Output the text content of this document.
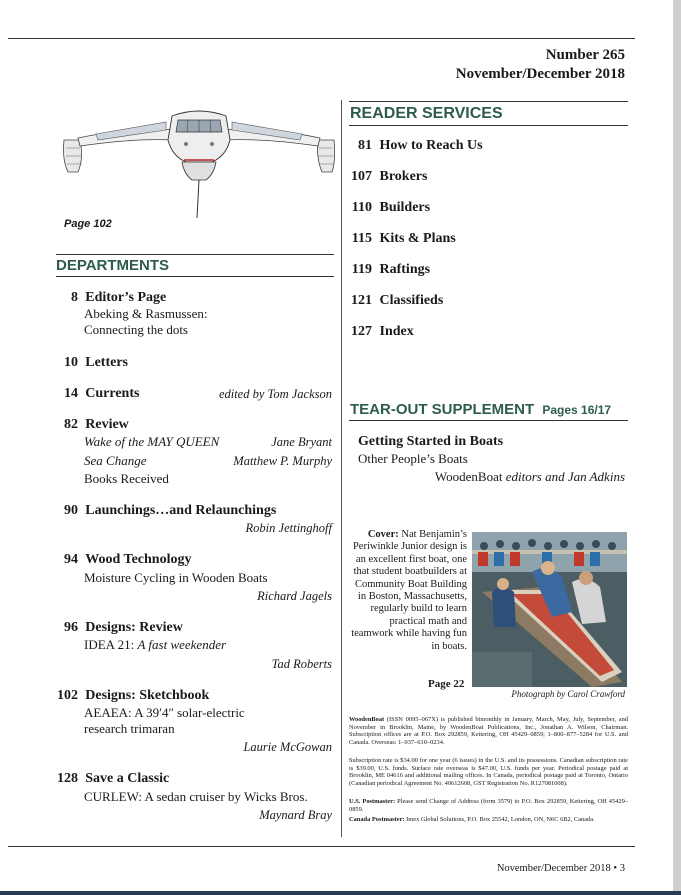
Number 265
November/December 2018
Page 102
DEPARTMENTS
8 Editor’s Page
Abeking & Rasmussen:
Connecting the dots
10 Letters
14 Currents	edited by Tom Jackson
82 Review
Wake of the MAY QUEEN	Jane Bryant
Sea Change	Matthew P. Murphy
Books Received
90 Launchings…and Relaunchings
Robin Jettinghoff
94 Wood Technology
Moisture Cycling in Wooden Boats
Richard Jagels
96 Designs: Review
IDEA 21: A fast weekender
Tad Roberts
102 Designs: Sketchbook
AEAEA: A 39′4″ solar-electric
research trimaran
Laurie McGowan
128 Save a Classic
CURLEW: A sedan cruiser by Wicks Bros.
Maynard Bray
READER SERVICES
81 How to Reach Us
107 Brokers
110 Builders
115 Kits & Plans
119 Raftings
121 Classifieds
127 Index
TEAR-OUT SUPPLEMENT Pages 16/17
Getting Started in Boats
Other People’s Boats
WoodenBoat editors and Jan Adkins
Cover: Nat Benjamin’s Periwinkle Junior design is an excellent first boat, one that student boatbuilders at Community Boat Building in Boston, Massachusetts, regularly build to learn practical math and teamwork while having fun in boats.
Page 22
Photograph by Carol Crawford
WoodenBoat (ISSN 0095–067X) is published bimonthly in January, March, May, July, September, and November in Brooklin, Maine, by WoodenBoat Publications, Inc., Jonathan A. Wilson, Chairman. Subscription offices are at P.O. Box 292859, Kettering, OH 45429–0859; 1–800–877–5284 for U.S. and Canada. Overseas: 1–937–610–0234.
Subscription rate is $34.00 for one year (6 issues) in the U.S. and its possessions. Canadian subscription rate is $39.00, U.S. funds. Surface rate overseas is $47.00, U.S. funds per year. Periodical postage paid at Brooklin, ME 04616 and additional mailing offices. In Canada, periodical postage paid at Toronto, Ontario (Canadian periodical Agreement No. 40612608, GST Registration No. R127081008).
U.S. Postmaster: Please send Change of Address (form 3579) to P.O. Box 292859, Kettering, OH 45429–0859.
Canada Postmaster: Imex Global Solutions, P.O. Box 25542, London, ON, N6C 6B2, Canada.
November/December 2018 • 3
